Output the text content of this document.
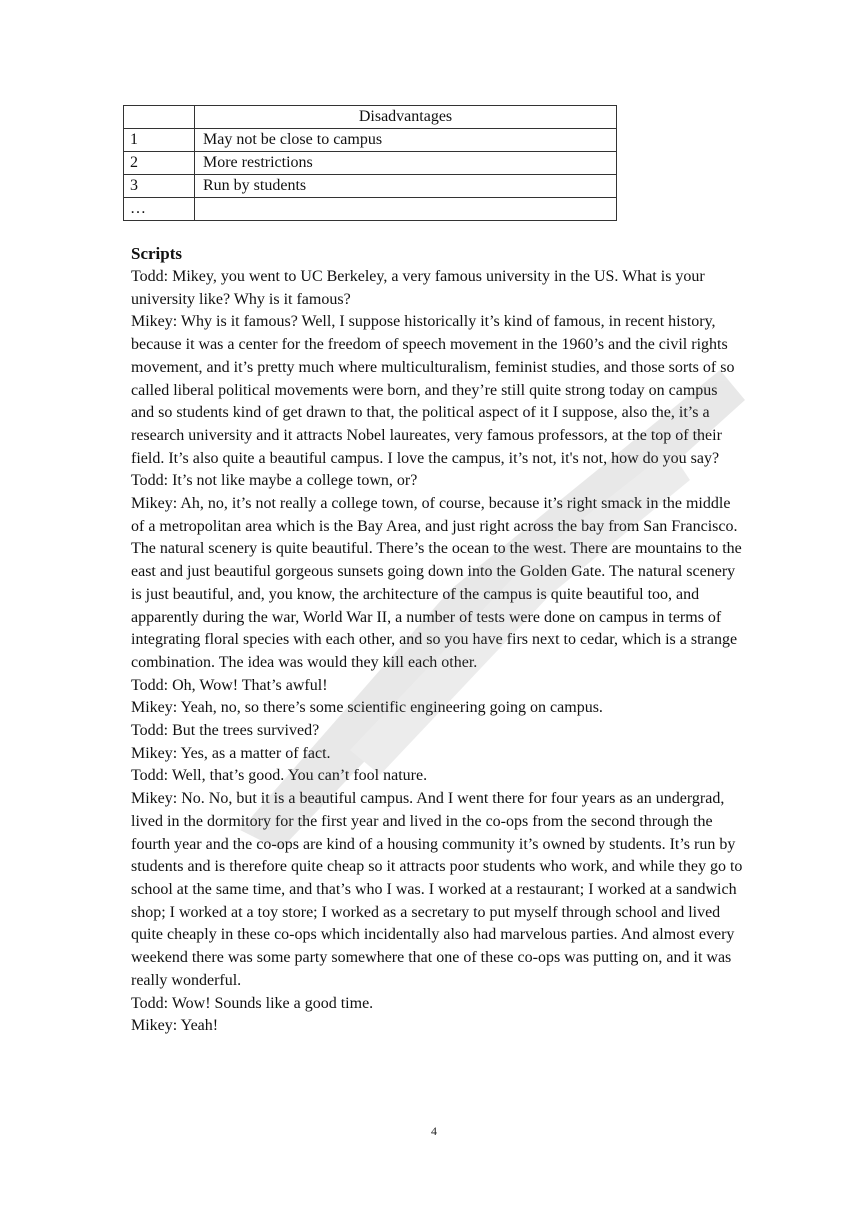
	Disadvantages
1	May not be close to campus
2	More restrictions
3	Run by students
…	
Scripts

Todd: Mikey, you went to UC Berkeley, a very famous university in the US. What is your university like? Why is it famous?

Mikey: Why is it famous? Well, I suppose historically it’s kind of famous, in recent history, because it was a center for the freedom of speech movement in the 1960’s and the civil rights movement, and it’s pretty much where multiculturalism, feminist studies, and those sorts of so called liberal political movements were born, and they’re still quite strong today on campus and so students kind of get drawn to that, the political aspect of it I suppose, also the, it’s a research university and it attracts Nobel laureates, very famous professors, at the top of their field. It’s also quite a beautiful campus. I love the campus, it’s not, it's not, how do you say?

Todd: It’s not like maybe a college town, or?

Mikey: Ah, no, it’s not really a college town, of course, because it’s right smack in the middle of a metropolitan area which is the Bay Area, and just right across the bay from San Francisco. The natural scenery is quite beautiful. There’s the ocean to the west. There are mountains to the east and just beautiful gorgeous sunsets going down into the Golden Gate. The natural scenery is just beautiful, and, you know, the architecture of the campus is quite beautiful too, and apparently during the war, World War II, a number of tests were done on campus in terms of integrating floral species with each other, and so you have firs next to cedar, which is a strange combination. The idea was would they kill each other.

Todd: Oh, Wow! That’s awful!

Mikey: Yeah, no, so there’s some scientific engineering going on campus.

Todd: But the trees survived?

Mikey: Yes, as a matter of fact.

Todd: Well, that’s good. You can’t fool nature.

Mikey: No. No, but it is a beautiful campus. And I went there for four years as an undergrad, lived in the dormitory for the first year and lived in the co-ops from the second through the fourth year and the co-ops are kind of a housing community it’s owned by students. It’s run by students and is therefore quite cheap so it attracts poor students who work, and while they go to school at the same time, and that’s who I was. I worked at a restaurant; I worked at a sandwich shop; I worked at a toy store; I worked as a secretary to put myself through school and lived quite cheaply in these co-ops which incidentally also had marvelous parties. And almost every weekend there was some party somewhere that one of these co-ops was putting on, and it was really wonderful.

Todd: Wow! Sounds like a good time.

Mikey: Yeah!

4
